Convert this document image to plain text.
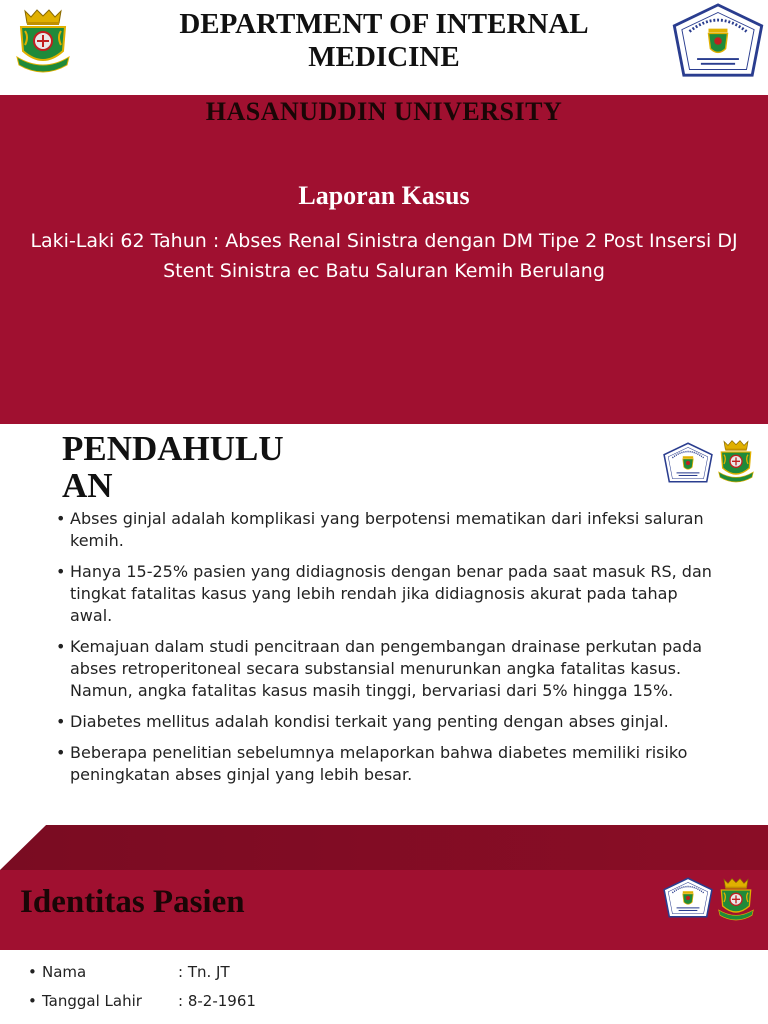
DEPARTMENT OF INTERNAL MEDICINE
HASANUDDIN UNIVERSITY
Laporan Kasus
Laki-Laki 62 Tahun : Abses Renal Sinistra dengan DM Tipe 2 Post Insersi DJ Stent Sinistra ec Batu Saluran Kemih Berulang
PENDAHULU
AN
• Abses ginjal adalah komplikasi yang berpotensi mematikan dari infeksi saluran kemih.
• Hanya 15-25% pasien yang didiagnosis dengan benar pada saat masuk RS, dan tingkat fatalitas kasus yang lebih rendah jika didiagnosis akurat pada tahap awal.
• Kemajuan dalam studi pencitraan dan pengembangan drainase perkutan pada abses retroperitoneal secara substansial menurunkan angka fatalitas kasus. Namun, angka fatalitas kasus masih tinggi, bervariasi dari 5% hingga 15%.
• Diabetes mellitus adalah kondisi terkait yang penting dengan abses ginjal.
• Beberapa penelitian sebelumnya melaporkan bahwa diabetes memiliki risiko peningkatan abses ginjal yang lebih besar.
Identitas Pasien
• Nama	: Tn. JT
• Tanggal Lahir : 8-2-1961
